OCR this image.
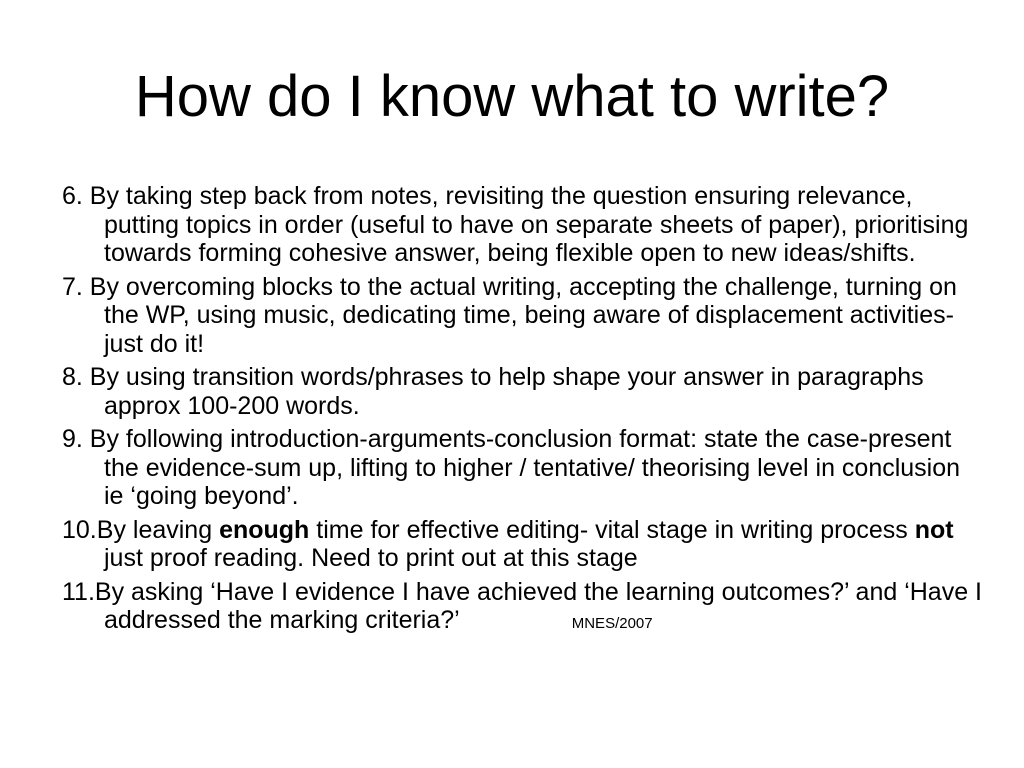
How do I know what to write?

6. By taking step back from notes, revisiting the question ensuring relevance, putting topics in order (useful to have on separate sheets of paper), prioritising towards forming cohesive answer, being flexible open to new ideas/shifts.

7. By overcoming blocks to the actual writing, accepting the challenge, turning on the WP, using music, dedicating time, being aware of displacement activities- just do it!

8. By using transition words/phrases to help shape your answer in paragraphs approx 100-200 words.

9. By following introduction-arguments-conclusion format: state the case-present the evidence-sum up, lifting to higher / tentative/ theorising level in conclusion ie ‘going beyond’.

10.By leaving enough time for effective editing- vital stage in writing process not just proof reading. Need to print out at this stage

11.By asking ‘Have I evidence I have achieved the learning outcomes?’ and ‘Have I addressed the marking criteria?’	MNES/2007
